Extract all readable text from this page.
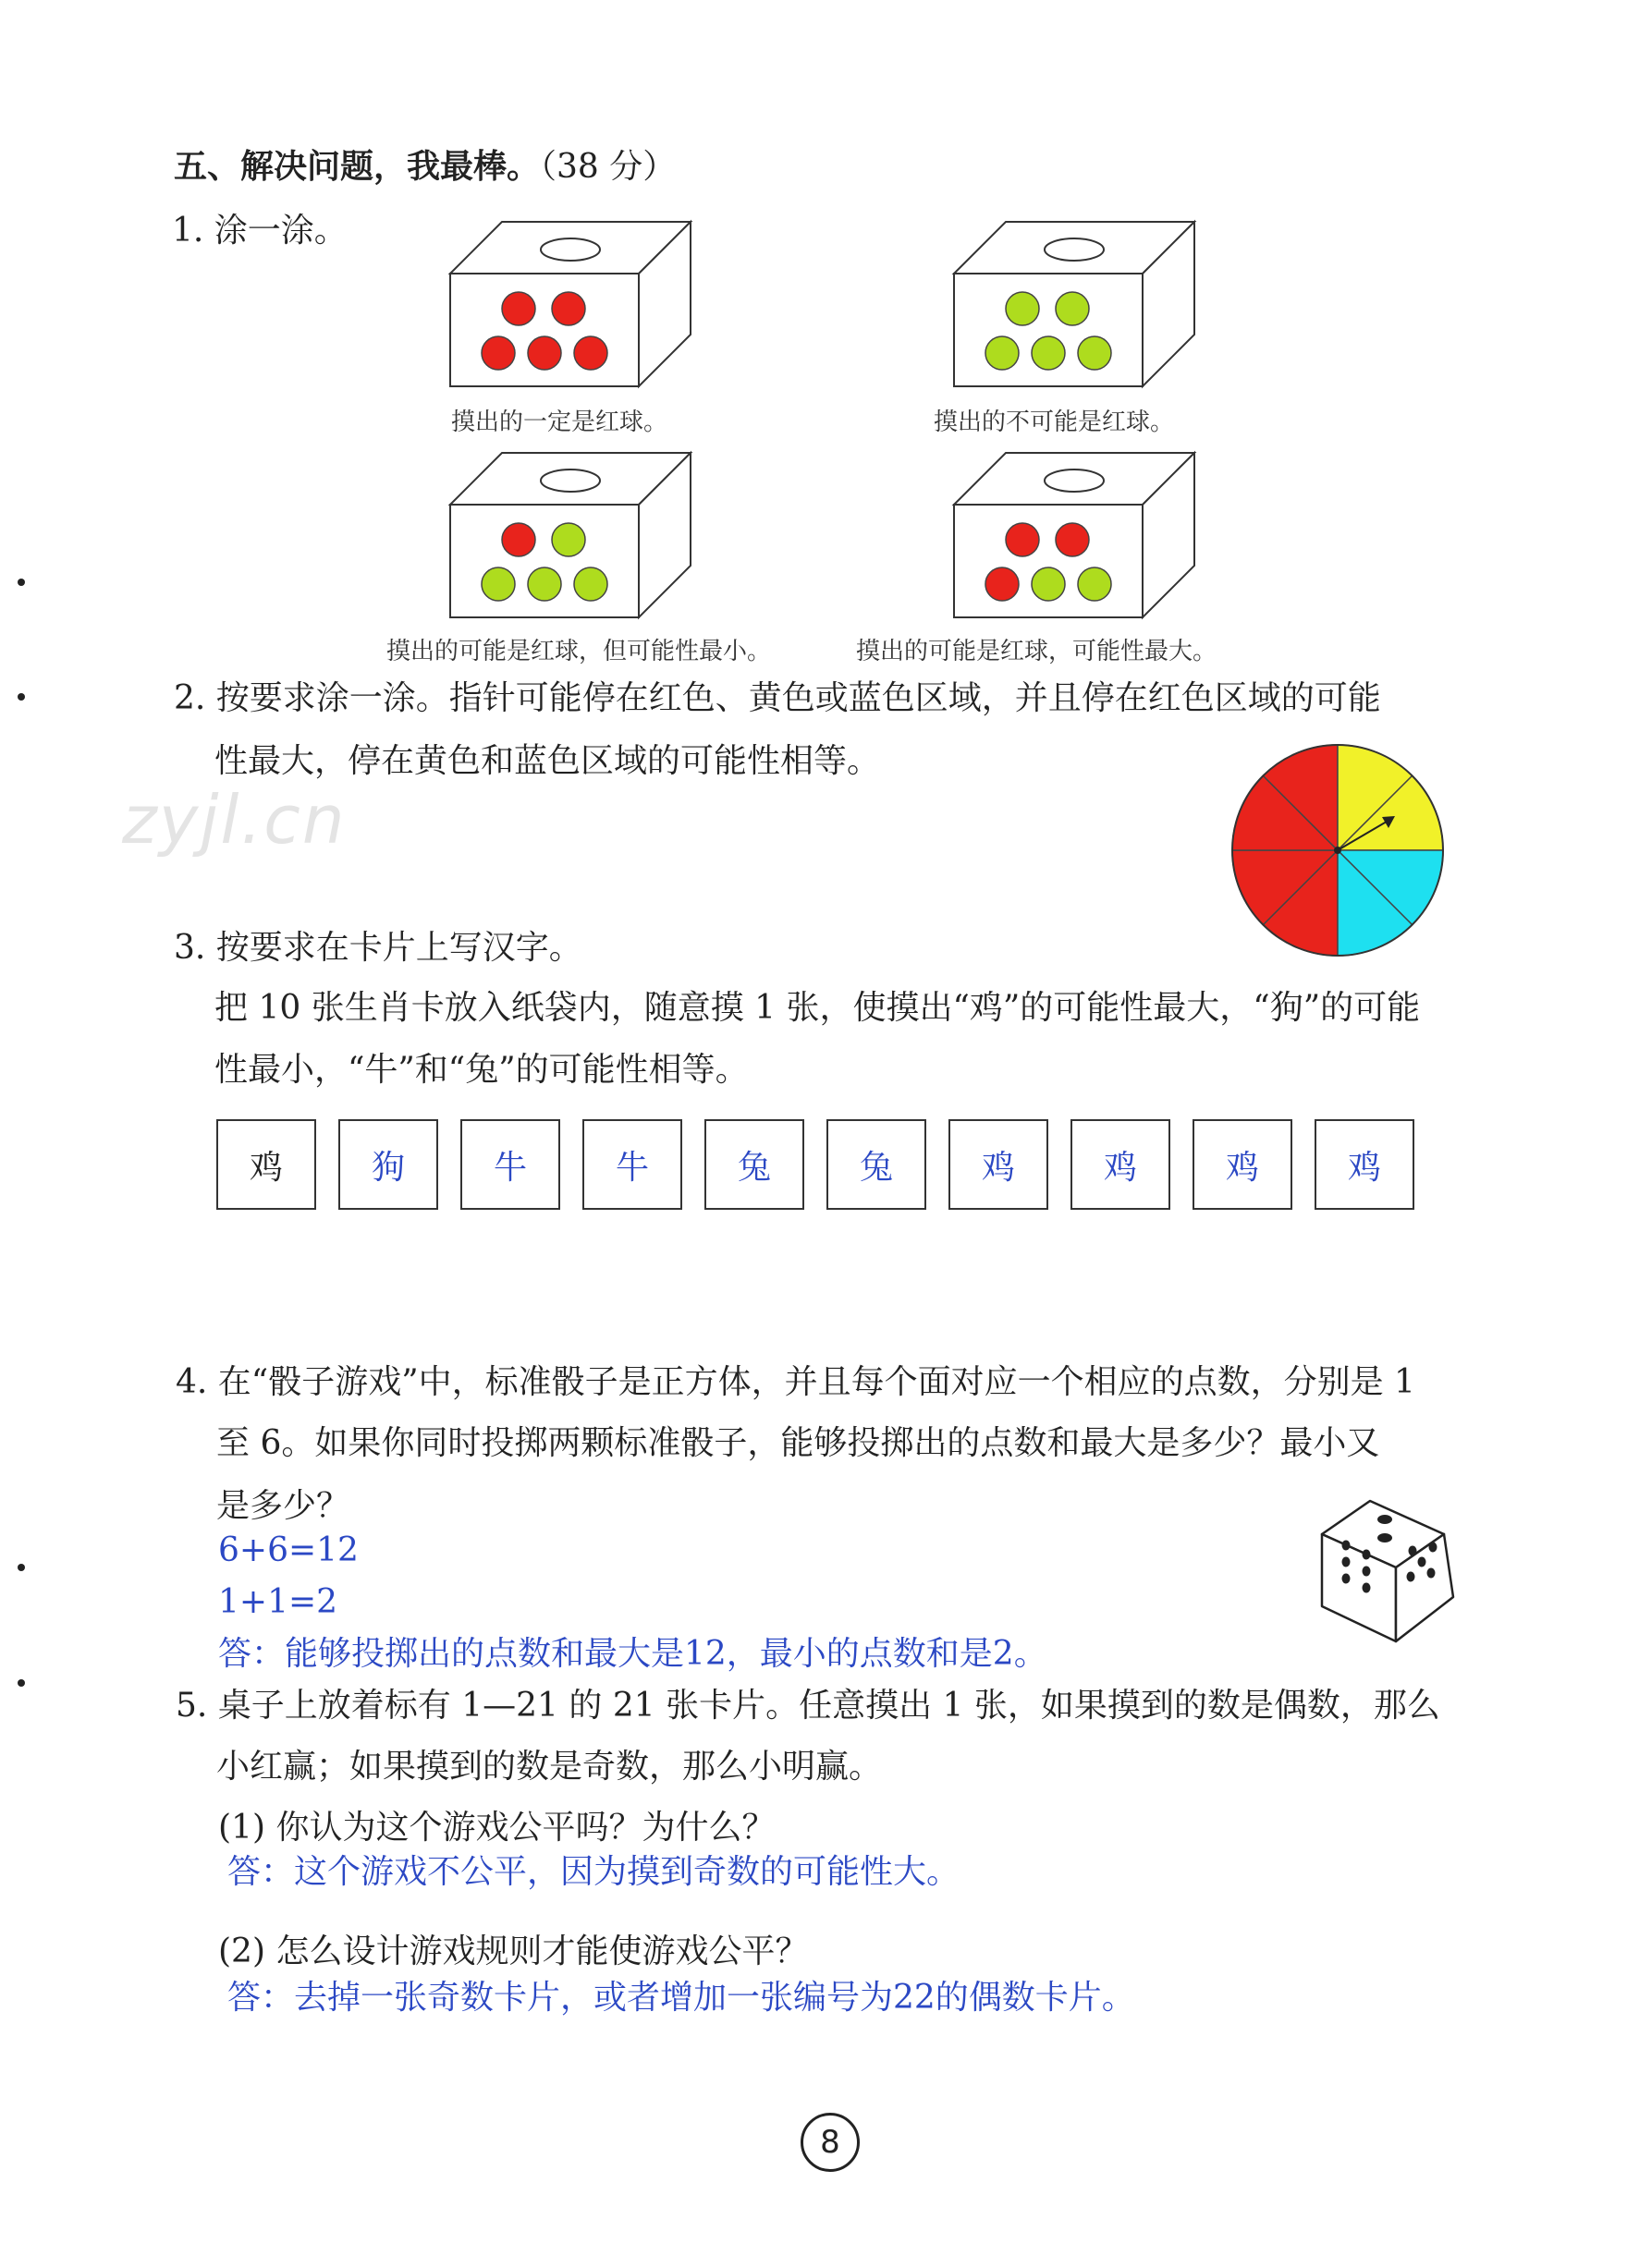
zyjl.cn
五、解决问题，我最棒。（38 分）
1. 涂一涂。
摸出的一定是红球。	摸出的不可能是红球。
摸出的可能是红球，但可能性最小。	摸出的可能是红球，可能性最大。
2. 按要求涂一涂。指针可能停在红色、黄色或蓝色区域，并且停在红色区域的可能
性最大，停在黄色和蓝色区域的可能性相等。
3. 按要求在卡片上写汉字。
把 10 张生肖卡放入纸袋内，随意摸 1 张，使摸出“鸡”的可能性最大，“狗”的可能
性最小，“牛”和“兔”的可能性相等。
鸡	狗	牛	牛	兔	兔	鸡	鸡	鸡	鸡
4. 在“骰子游戏”中，标准骰子是正方体，并且每个面对应一个相应的点数，分别是 1
至 6。如果你同时投掷两颗标准骰子，能够投掷出的点数和最大是多少？最小又
是多少？
6+6=12
1+1=2
答：能够投掷出的点数和最大是12，最小的点数和是2。
5. 桌子上放着标有 1—21 的 21 张卡片。任意摸出 1 张，如果摸到的数是偶数，那么
小红赢；如果摸到的数是奇数，那么小明赢。
(1) 你认为这个游戏公平吗？为什么？
答：这个游戏不公平，因为摸到奇数的可能性大。
(2) 怎么设计游戏规则才能使游戏公平？
答：去掉一张奇数卡片，或者增加一张编号为22的偶数卡片。
8
